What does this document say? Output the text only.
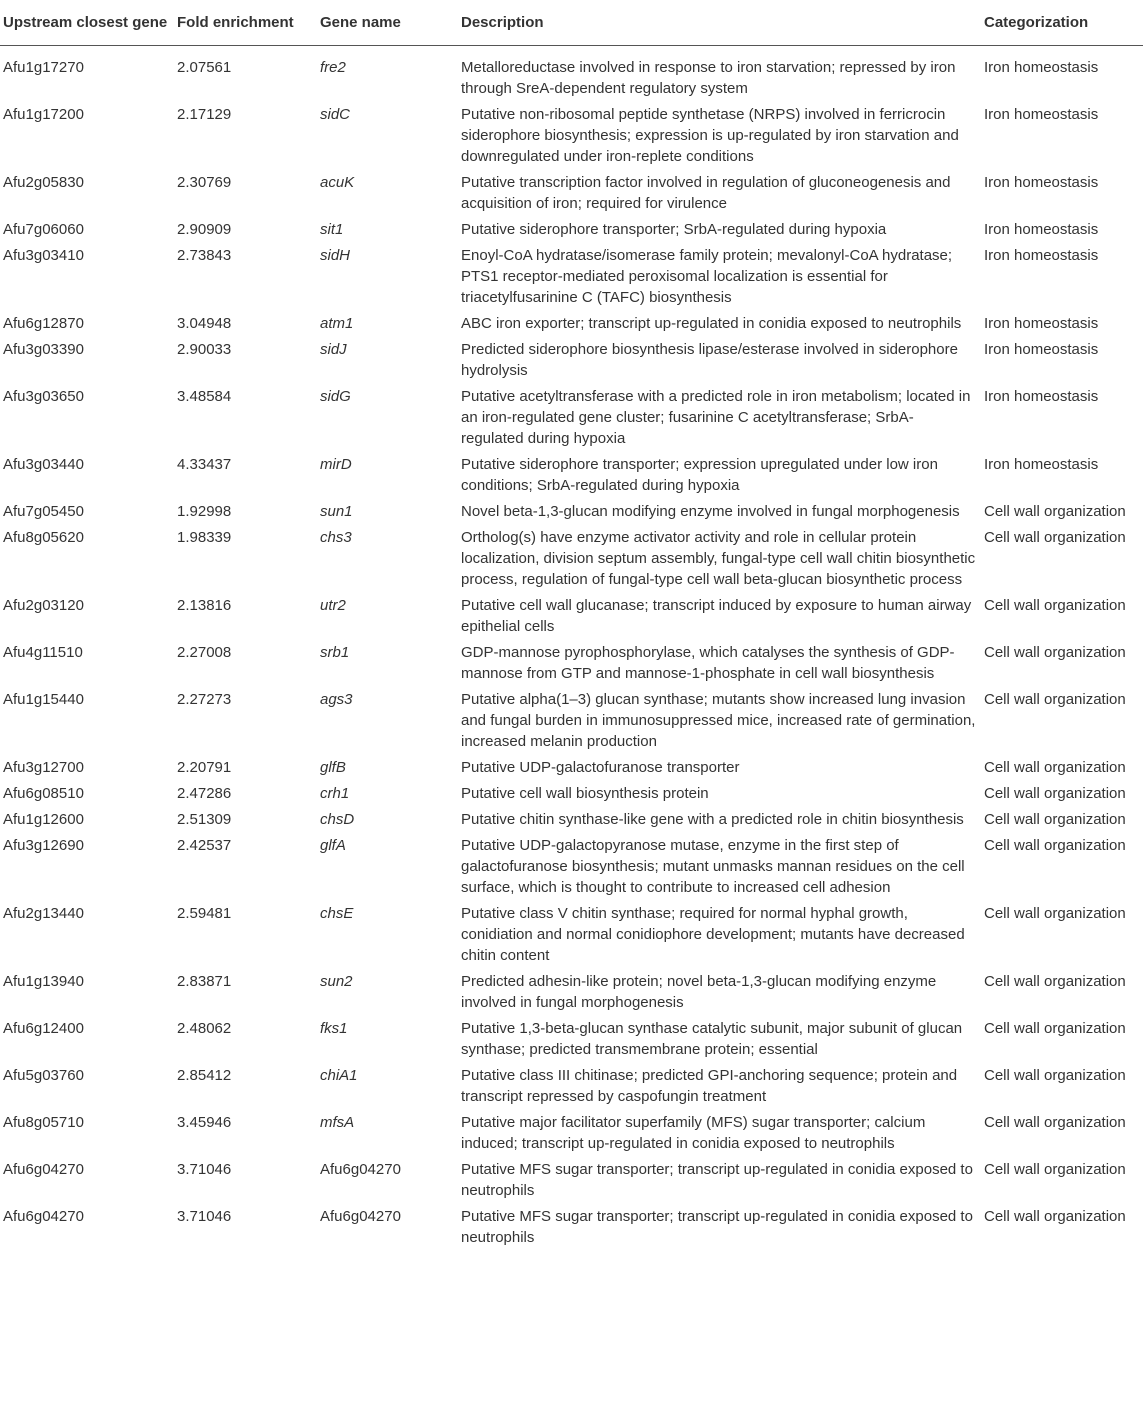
Upstream closest gene	Fold enrichment	Gene name	Description	Categorization
Afu1g17270	2.07561	fre2	Metalloreductase involved in response to iron starvation; repressed by iron through SreA-dependent regulatory system	Iron homeostasis
Afu1g17200	2.17129	sidC	Putative non-ribosomal peptide synthetase (NRPS) involved in ferricrocin siderophore biosynthesis; expression is up-regulated by iron starvation and downregulated under iron-replete conditions	Iron homeostasis
Afu2g05830	2.30769	acuK	Putative transcription factor involved in regulation of gluconeogenesis and acquisition of iron; required for virulence	Iron homeostasis
Afu7g06060	2.90909	sit1	Putative siderophore transporter; SrbA-regulated during hypoxia	Iron homeostasis
Afu3g03410	2.73843	sidH	Enoyl-CoA hydratase/isomerase family protein; mevalonyl-CoA hydratase; PTS1 receptor-mediated peroxisomal localization is essential for triacetylfusarinine C (TAFC) biosynthesis	Iron homeostasis
Afu6g12870	3.04948	atm1	ABC iron exporter; transcript up-regulated in conidia exposed to neutrophils	Iron homeostasis
Afu3g03390	2.90033	sidJ	Predicted siderophore biosynthesis lipase/esterase involved in siderophore hydrolysis	Iron homeostasis
Afu3g03650	3.48584	sidG	Putative acetyltransferase with a predicted role in iron metabolism; located in an iron-regulated gene cluster; fusarinine C acetyltransferase; SrbA-regulated during hypoxia	Iron homeostasis
Afu3g03440	4.33437	mirD	Putative siderophore transporter; expression upregulated under low iron conditions; SrbA-regulated during hypoxia	Iron homeostasis
Afu7g05450	1.92998	sun1	Novel beta-1,3-glucan modifying enzyme involved in fungal morphogenesis	Cell wall organization
Afu8g05620	1.98339	chs3	Ortholog(s) have enzyme activator activity and role in cellular protein localization, division septum assembly, fungal-type cell wall chitin biosynthetic process, regulation of fungal-type cell wall beta-glucan biosynthetic process	Cell wall organization
Afu2g03120	2.13816	utr2	Putative cell wall glucanase; transcript induced by exposure to human airway epithelial cells	Cell wall organization
Afu4g11510	2.27008	srb1	GDP-mannose pyrophosphorylase, which catalyses the synthesis of GDP-mannose from GTP and mannose-1-phosphate in cell wall biosynthesis	Cell wall organization
Afu1g15440	2.27273	ags3	Putative alpha(1–3) glucan synthase; mutants show increased lung invasion and fungal burden in immunosuppressed mice, increased rate of germination, increased melanin production	Cell wall organization
Afu3g12700	2.20791	glfB	Putative UDP-galactofuranose transporter	Cell wall organization
Afu6g08510	2.47286	crh1	Putative cell wall biosynthesis protein	Cell wall organization
Afu1g12600	2.51309	chsD	Putative chitin synthase-like gene with a predicted role in chitin biosynthesis	Cell wall organization
Afu3g12690	2.42537	glfA	Putative UDP-galactopyranose mutase, enzyme in the first step of galactofuranose biosynthesis; mutant unmasks mannan residues on the cell surface, which is thought to contribute to increased cell adhesion	Cell wall organization
Afu2g13440	2.59481	chsE	Putative class V chitin synthase; required for normal hyphal growth, conidiation and normal conidiophore development; mutants have decreased chitin content	Cell wall organization
Afu1g13940	2.83871	sun2	Predicted adhesin-like protein; novel beta-1,3-glucan modifying enzyme involved in fungal morphogenesis	Cell wall organization
Afu6g12400	2.48062	fks1	Putative 1,3-beta-glucan synthase catalytic subunit, major subunit of glucan synthase; predicted transmembrane protein; essential	Cell wall organization
Afu5g03760	2.85412	chiA1	Putative class III chitinase; predicted GPI-anchoring sequence; protein and transcript repressed by caspofungin treatment	Cell wall organization
Afu8g05710	3.45946	mfsA	Putative major facilitator superfamily (MFS) sugar transporter; calcium induced; transcript up-regulated in conidia exposed to neutrophils	Cell wall organization
Afu6g04270	3.71046	Afu6g04270	Putative MFS sugar transporter; transcript up-regulated in conidia exposed to neutrophils	Cell wall organization
Afu6g04270	3.71046	Afu6g04270	Putative MFS sugar transporter; transcript up-regulated in conidia exposed to neutrophils	Cell wall organization
